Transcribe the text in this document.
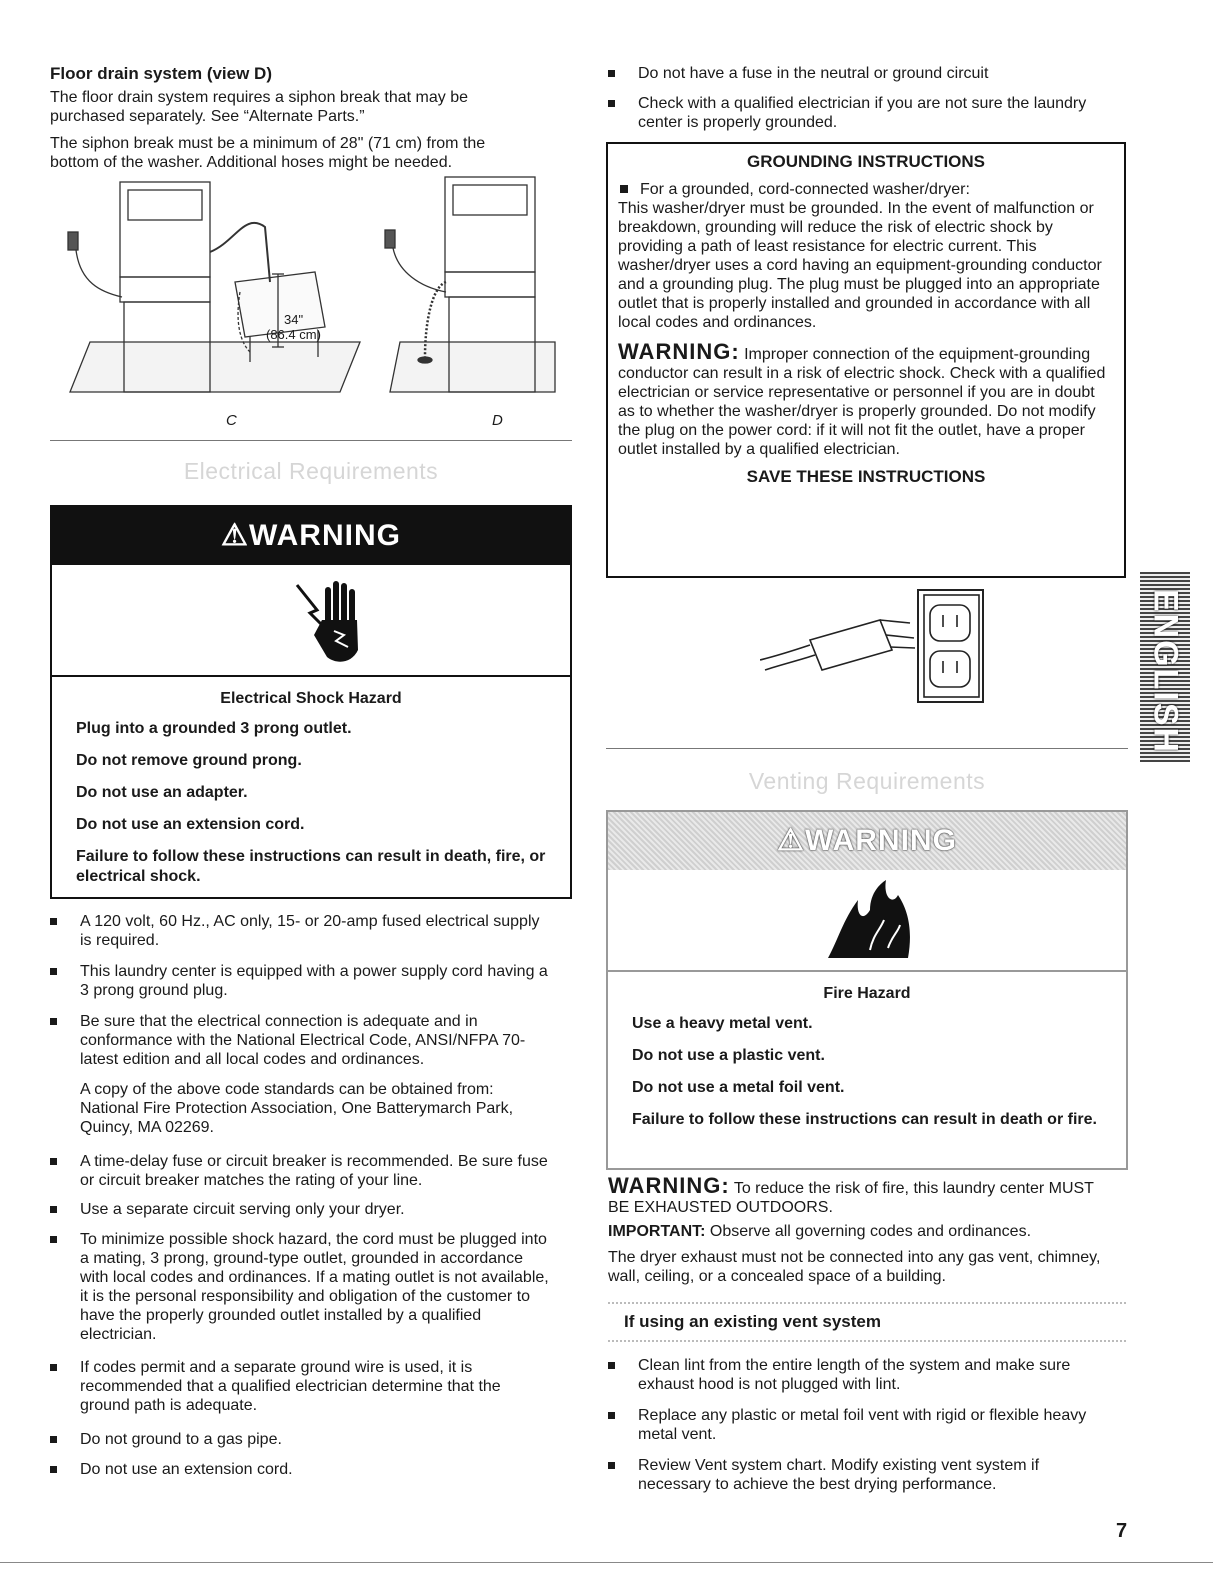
Floor drain system (view D)

The floor drain system requires a siphon break that may be purchased separately. See “Alternate Parts.”

The siphon break must be a minimum of 28" (71 cm) from the bottom of the washer. Additional hoses might be needed.

34"
(86.4 cm)
C	D
Electrical Requirements
⚠WARNING
Electrical Shock Hazard
Plug into a grounded 3 prong outlet.
Do not remove ground prong.
Do not use an adapter.
Do not use an extension cord.
Failure to follow these instructions can result in death, fire, or electrical shock.
A 120 volt, 60 Hz., AC only, 15- or 20-amp fused electrical supply is required.
This laundry center is equipped with a power supply cord having a 3 prong ground plug.
Be sure that the electrical connection is adequate and in conformance with the National Electrical Code, ANSI/NFPA 70-latest edition and all local codes and ordinances.
A copy of the above code standards can be obtained from: National Fire Protection Association, One Batterymarch Park, Quincy, MA 02269.
A time-delay fuse or circuit breaker is recommended. Be sure fuse or circuit breaker matches the rating of your line.
Use a separate circuit serving only your dryer.
To minimize possible shock hazard, the cord must be plugged into a mating, 3 prong, ground-type outlet, grounded in accordance with local codes and ordinances. If a mating outlet is not available, it is the personal responsibility and obligation of the customer to have the properly grounded outlet installed by a qualified electrician.
If codes permit and a separate ground wire is used, it is recommended that a qualified electrician determine that the ground path is adequate.
Do not ground to a gas pipe.
Do not use an extension cord.
Do not have a fuse in the neutral or ground circuit
Check with a qualified electrician if you are not sure the laundry center is properly grounded.
GROUNDING INSTRUCTIONS
For a grounded, cord-connected washer/dryer:

This washer/dryer must be grounded. In the event of malfunction or breakdown, grounding will reduce the risk of electric shock by providing a path of least resistance for electric current. This washer/dryer uses a cord having an equipment-grounding conductor and a grounding plug. The plug must be plugged into an appropriate outlet that is properly installed and grounded in accordance with all local codes and ordinances.

WARNING: Improper connection of the equipment-grounding conductor can result in a risk of electric shock. Check with a qualified electrician or service representative or personnel if you are in doubt as to whether the washer/dryer is properly grounded. Do not modify the plug on the power cord: if it will not fit the outlet, have a proper outlet installed by a qualified electrician.

SAVE THESE INSTRUCTIONS
Venting Requirements
⚠WARNING
Fire Hazard
Use a heavy metal vent.
Do not use a plastic vent.
Do not use a metal foil vent.
Failure to follow these instructions can result in death or fire.

WARNING: To reduce the risk of fire, this laundry center MUST BE EXHAUSTED OUTDOORS.

IMPORTANT: Observe all governing codes and ordinances.

The dryer exhaust must not be connected into any gas vent, chimney, wall, ceiling, or a concealed space of a building.

If using an existing vent system
Clean lint from the entire length of the system and make sure exhaust hood is not plugged with lint.
Replace any plastic or metal foil vent with rigid or flexible heavy metal vent.
Review Vent system chart. Modify existing vent system if necessary to achieve the best drying performance.
ENGLISH
7
